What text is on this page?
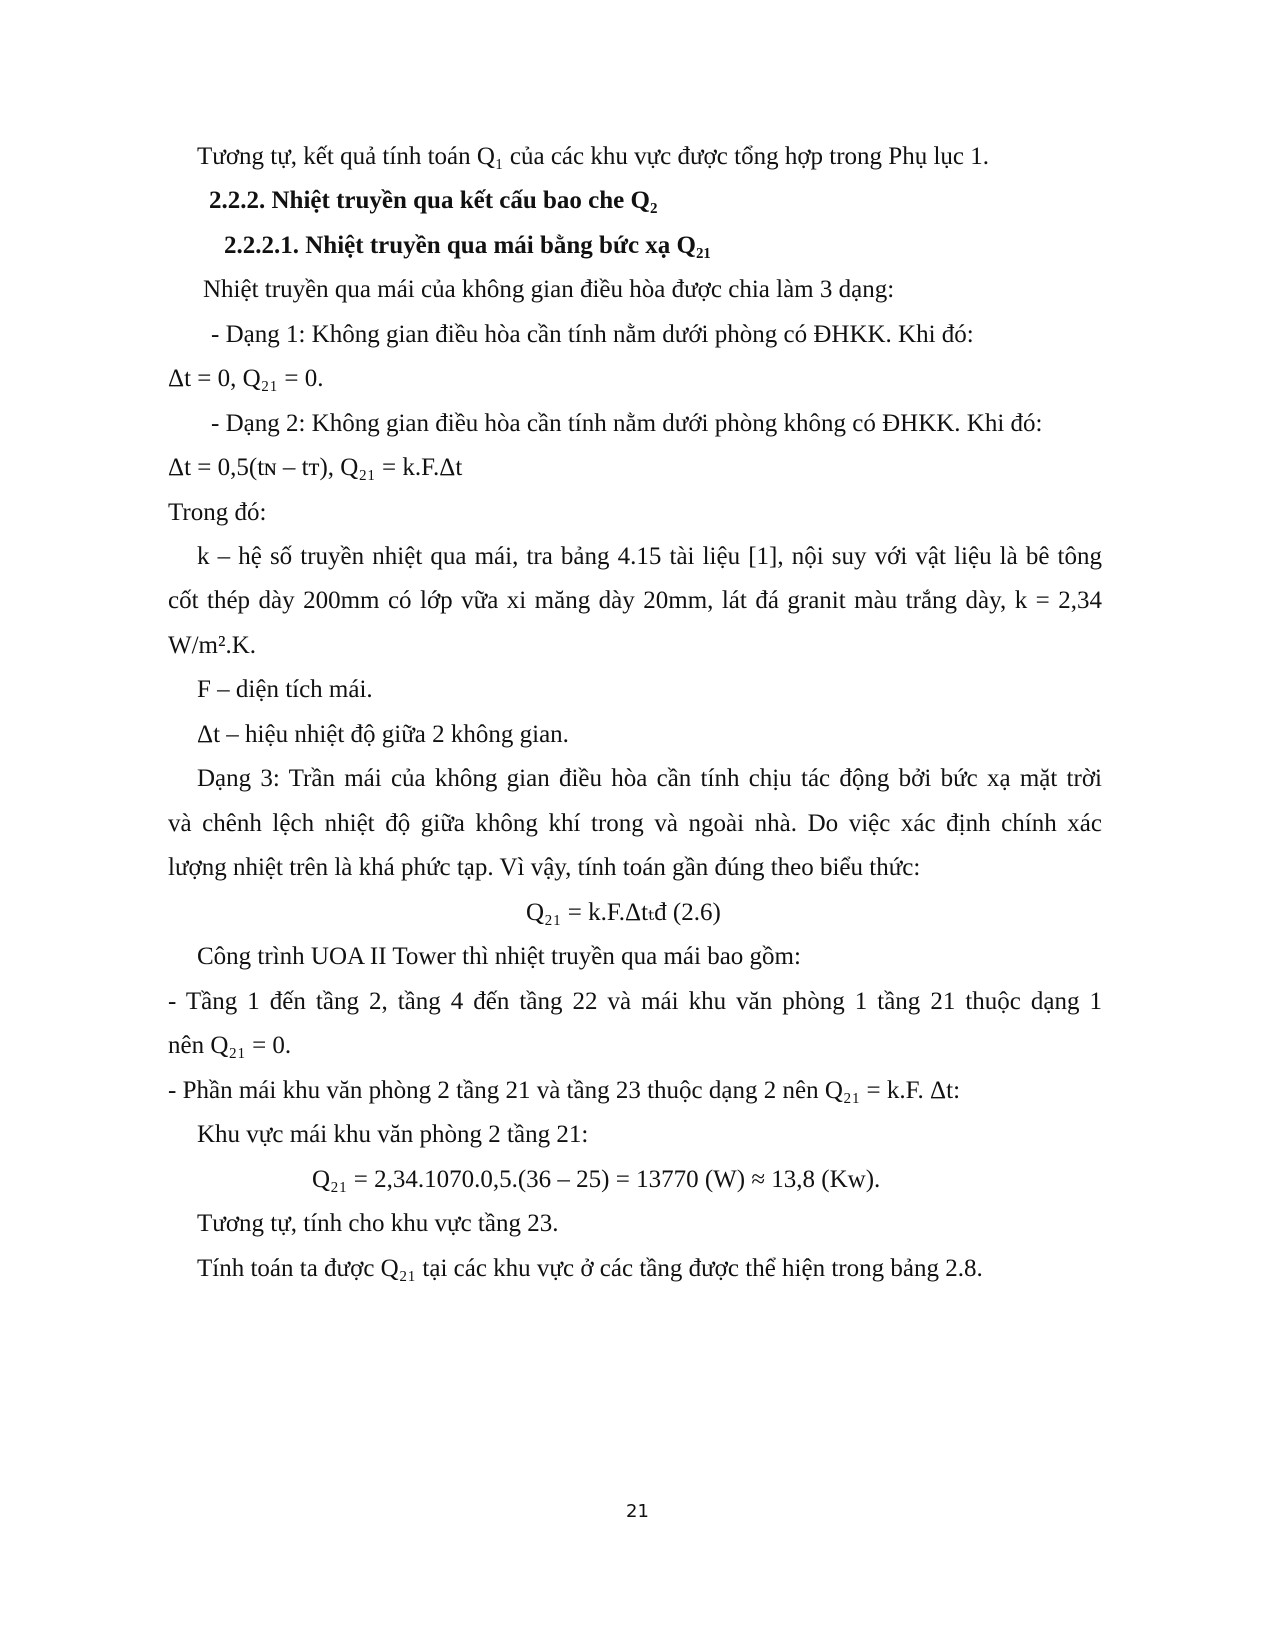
Tương tự, kết quả tính toán Q₁ của các khu vực được tổng hợp trong Phụ lục 1.
2.2.2. Nhiệt truyền qua kết cấu bao che Q₂
2.2.2.1. Nhiệt truyền qua mái bằng bức xạ Q₂₁
Nhiệt truyền qua mái của không gian điều hòa được chia làm 3 dạng:
- Dạng 1: Không gian điều hòa cần tính nằm dưới phòng có ĐHKK. Khi đó:
Δt = 0, Q₂₁ = 0.
- Dạng 2: Không gian điều hòa cần tính nằm dưới phòng không có ĐHKK. Khi đó:
Δt = 0,5(tɴ – tᴛ), Q₂₁ = k.F.Δt
Trong đó:
k – hệ số truyền nhiệt qua mái, tra bảng 4.15 tài liệu [1], nội suy với vật liệu là bê tông
cốt thép dày 200mm có lớp vữa xi măng dày 20mm, lát đá granit màu trắng dày, k = 2,34
W/m².K.
F – diện tích mái.
Δt – hiệu nhiệt độ giữa 2 không gian.
Dạng 3: Trần mái của không gian điều hòa cần tính chịu tác động bởi bức xạ mặt trời
và chênh lệch nhiệt độ giữa không khí trong và ngoài nhà. Do việc xác định chính xác
lượng nhiệt trên là khá phức tạp. Vì vậy, tính toán gần đúng theo biểu thức:
Q₂₁ = k.F.Δtₜđ (2.6)
Công trình UOA II Tower thì nhiệt truyền qua mái bao gồm:
- Tầng 1 đến tầng 2, tầng 4 đến tầng 22 và mái khu văn phòng 1 tầng 21 thuộc dạng 1
nên Q₂₁ = 0.
- Phần mái khu văn phòng 2 tầng 21 và tầng 23 thuộc dạng 2 nên Q₂₁ = k.F. Δt:
Khu vực mái khu văn phòng 2 tầng 21:
Q₂₁ = 2,34.1070.0,5.(36 – 25) = 13770 (W) ≈ 13,8 (Kw).
Tương tự, tính cho khu vực tầng 23.
Tính toán ta được Q₂₁ tại các khu vực ở các tầng được thể hiện trong bảng 2.8.
21
